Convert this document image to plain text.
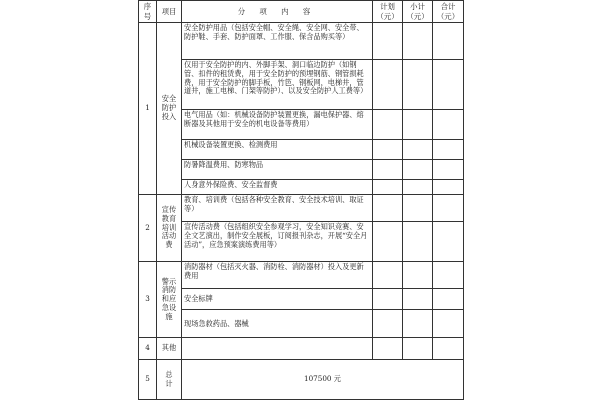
序号	项目	分 项 内 容	计划（元）	小计（元）	合计（元）
1	安全防护投入	安全防护用品（包括安全帽、安全绳、安全网、安全带、防护鞋、手套、防护面罩、工作服、保含品购买等）			
		仅用于安全防护的内、外脚手架、洞口临边防护（如钢管、扣件的租赁费，用于安全防护的预埋钢筋、钢管损耗费，用于安全防护的脚手板，竹笆、钢板网，电梯井，管道井，施工电梯、门架等防护）、以及安全防护人工费等）			
		电气用品（如：机械设备防护装置更换，漏电保护器、熔断器及其他用于安全的机电设备等费用）			
		机械设备装置更换、检测费用			
		防暑降温费用、防寒物品			
		人身意外保险费、安全监督费			
2	宣传教育培训活动费	教育、培训费（包括各种安全教育、安全技术培训、取证等）			
		宣传活动费（包括组织安全参观学习，安全知识竞赛、安全文艺演出，制作安全展板，订阅报刊杂志，开展“安全月活动”，应急预案演练费用等）			
3	警示消防和应急设施	消防器材（包括灭火器、消防栓、消防器材）投入及更新费用			
		安全标牌			
		现场急救药品、器械			
4	其他				
5	总计	107500 元			
